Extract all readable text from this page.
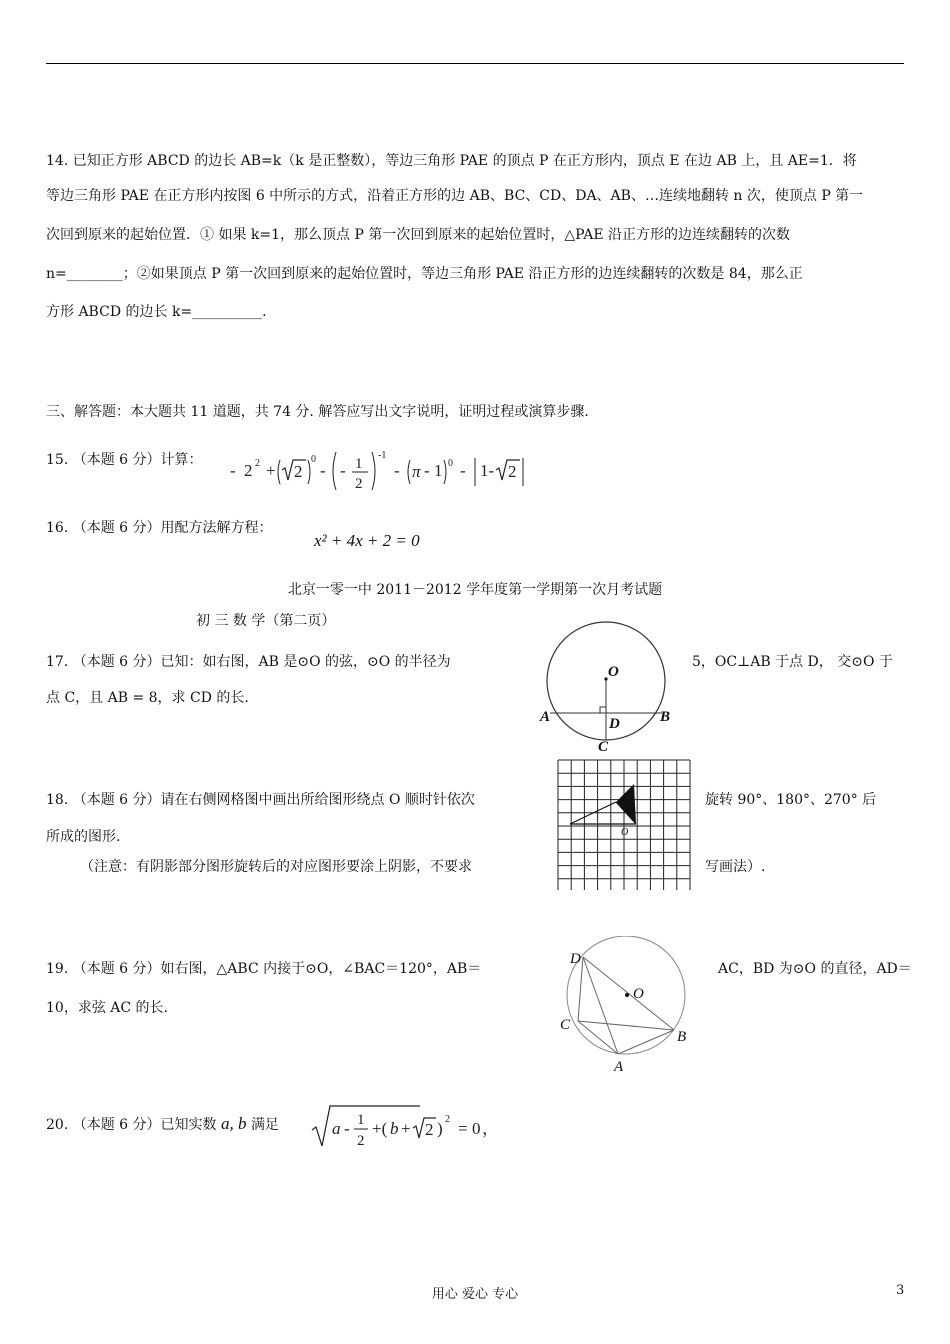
14. 已知正方形 ABCD 的边长 AB=k（k 是正整数），等边三角形 PAE 的顶点 P 在正方形内，顶点 E 在边 AB 上，且 AE=1．将
等边三角形 PAE 在正方形内按图 6 中所示的方式，沿着正方形的边 AB、BC、CD、DA、AB、…连续地翻转 n 次，使顶点 P 第一
次回到原来的起始位置．① 如果 k=1，那么顶点 P 第一次回到原来的起始位置时，△PAE 沿正方形的边连续翻转的次数
n=________；②如果顶点 P 第一次回到原来的起始位置时，等边三角形 PAE 沿正方形的边连续翻转的次数是 84，那么正
方形 ABCD 的边长 k=__________.
三、解答题：本大题共 11 道题，共 74 分. 解答应写出文字说明，证明过程或演算步骤.
15. （本题 6 分）计算：
- 2 2 + 2
0
- - 1
2
-1
- π - 1 0 - 1- 2
16. （本题 6 分）用配方法解方程：
x² + 4x + 2 = 0
北京一零一中 2011－2012 学年度第一学期第一次月考试题
初 三 数 学（第二页）
17. （本题 6 分）已知：如右图，AB 是⊙O 的弦，⊙O 的半径为	5，OC⊥AB 于点 D， 交⊙O 于
点 C，且 AB = 8，求 CD 的长.
O
A	B
C
D
18. （本题 6 分）请在右侧网格图中画出所给图形绕点 O 顺时针依次	旋转 90°、180°、270° 后
所成的图形.
（注意：有阴影部分图形旋转后的对应图形要涂上阴影，不要求	写画法）.
O
19. （本题 6 分）如右图，△ABC 内接于⊙O，∠BAC＝120°，AB＝	AC，BD 为⊙O 的直径，AD＝
10，求弦 AC 的长.
D
O
C
B
A
20. （本题 6 分）已知实数 a, b 满足	a - 1
2
+( b + 2 ) 2 = 0 ，
用心 爱心 专心	3
